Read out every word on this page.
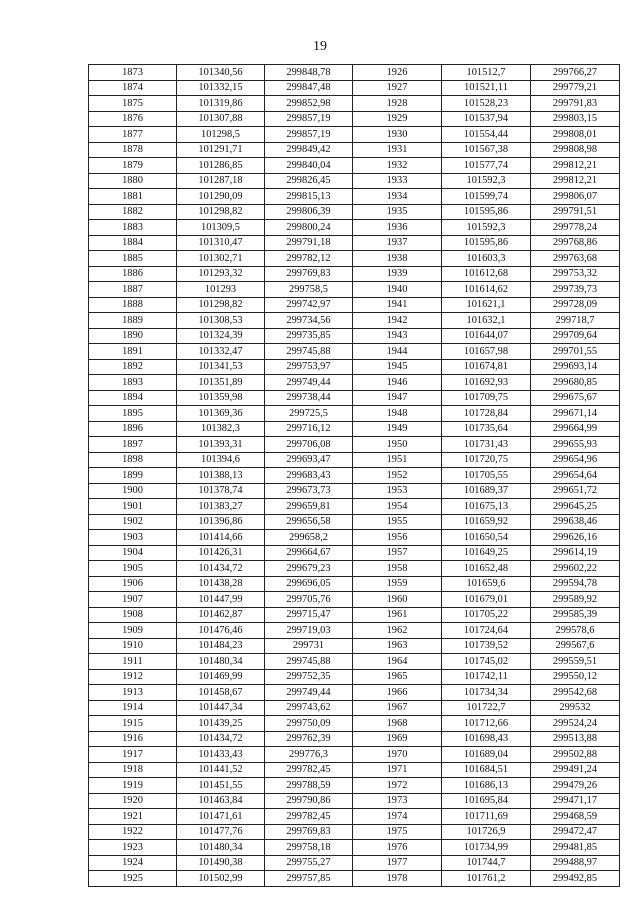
19
1873	101340,56	299848,78	1926	101512,7	299766,27
1874	101332,15	299847,48	1927	101521,11	299779,21
1875	101319,86	299852,98	1928	101528,23	299791,83
1876	101307,88	299857,19	1929	101537,94	299803,15
1877	101298,5	299857,19	1930	101554,44	299808,01
1878	101291,71	299849,42	1931	101567,38	299808,98
1879	101286,85	299840,04	1932	101577,74	299812,21
1880	101287,18	299826,45	1933	101592,3	299812,21
1881	101290,09	299815,13	1934	101599,74	299806,07
1882	101298,82	299806,39	1935	101595,86	299791,51
1883	101309,5	299800,24	1936	101592,3	299778,24
1884	101310,47	299791,18	1937	101595,86	299768,86
1885	101302,71	299782,12	1938	101603,3	299763,68
1886	101293,32	299769,83	1939	101612,68	299753,32
1887	101293	299758,5	1940	101614,62	299739,73
1888	101298,82	299742,97	1941	101621,1	299728,09
1889	101308,53	299734,56	1942	101632,1	299718,7
1890	101324,39	299735,85	1943	101644,07	299709,64
1891	101332,47	299745,88	1944	101657,98	299701,55
1892	101341,53	299753,97	1945	101674,81	299693,14
1893	101351,89	299749,44	1946	101692,93	299680,85
1894	101359,98	299738,44	1947	101709,75	299675,67
1895	101369,36	299725,5	1948	101728,84	299671,14
1896	101382,3	299716,12	1949	101735,64	299664,99
1897	101393,31	299706,08	1950	101731,43	299655,93
1898	101394,6	299693,47	1951	101720,75	299654,96
1899	101388,13	299683,43	1952	101705,55	299654,64
1900	101378,74	299673,73	1953	101689,37	299651,72
1901	101383,27	299659,81	1954	101675,13	299645,25
1902	101396,86	299656,58	1955	101659,92	299638,46
1903	101414,66	299658,2	1956	101650,54	299626,16
1904	101426,31	299664,67	1957	101649,25	299614,19
1905	101434,72	299679,23	1958	101652,48	299602,22
1906	101438,28	299696,05	1959	101659,6	299594,78
1907	101447,99	299705,76	1960	101679,01	299589,92
1908	101462,87	299715,47	1961	101705,22	299585,39
1909	101476,46	299719,03	1962	101724,64	299578,6
1910	101484,23	299731	1963	101739,52	299567,6
1911	101480,34	299745,88	1964	101745,02	299559,51
1912	101469,99	299752,35	1965	101742,11	299550,12
1913	101458,67	299749,44	1966	101734,34	299542,68
1914	101447,34	299743,62	1967	101722,7	299532
1915	101439,25	299750,09	1968	101712,66	299524,24
1916	101434,72	299762,39	1969	101698,43	299513,88
1917	101433,43	299776,3	1970	101689,04	299502,88
1918	101441,52	299782,45	1971	101684,51	299491,24
1919	101451,55	299788,59	1972	101686,13	299479,26
1920	101463,84	299790,86	1973	101695,84	299471,17
1921	101471,61	299782,45	1974	101711,69	299468,59
1922	101477,76	299769,83	1975	101726,9	299472,47
1923	101480,34	299758,18	1976	101734,99	299481,85
1924	101490,38	299755,27	1977	101744,7	299488,97
1925	101502,99	299757,85	1978	101761,2	299492,85
